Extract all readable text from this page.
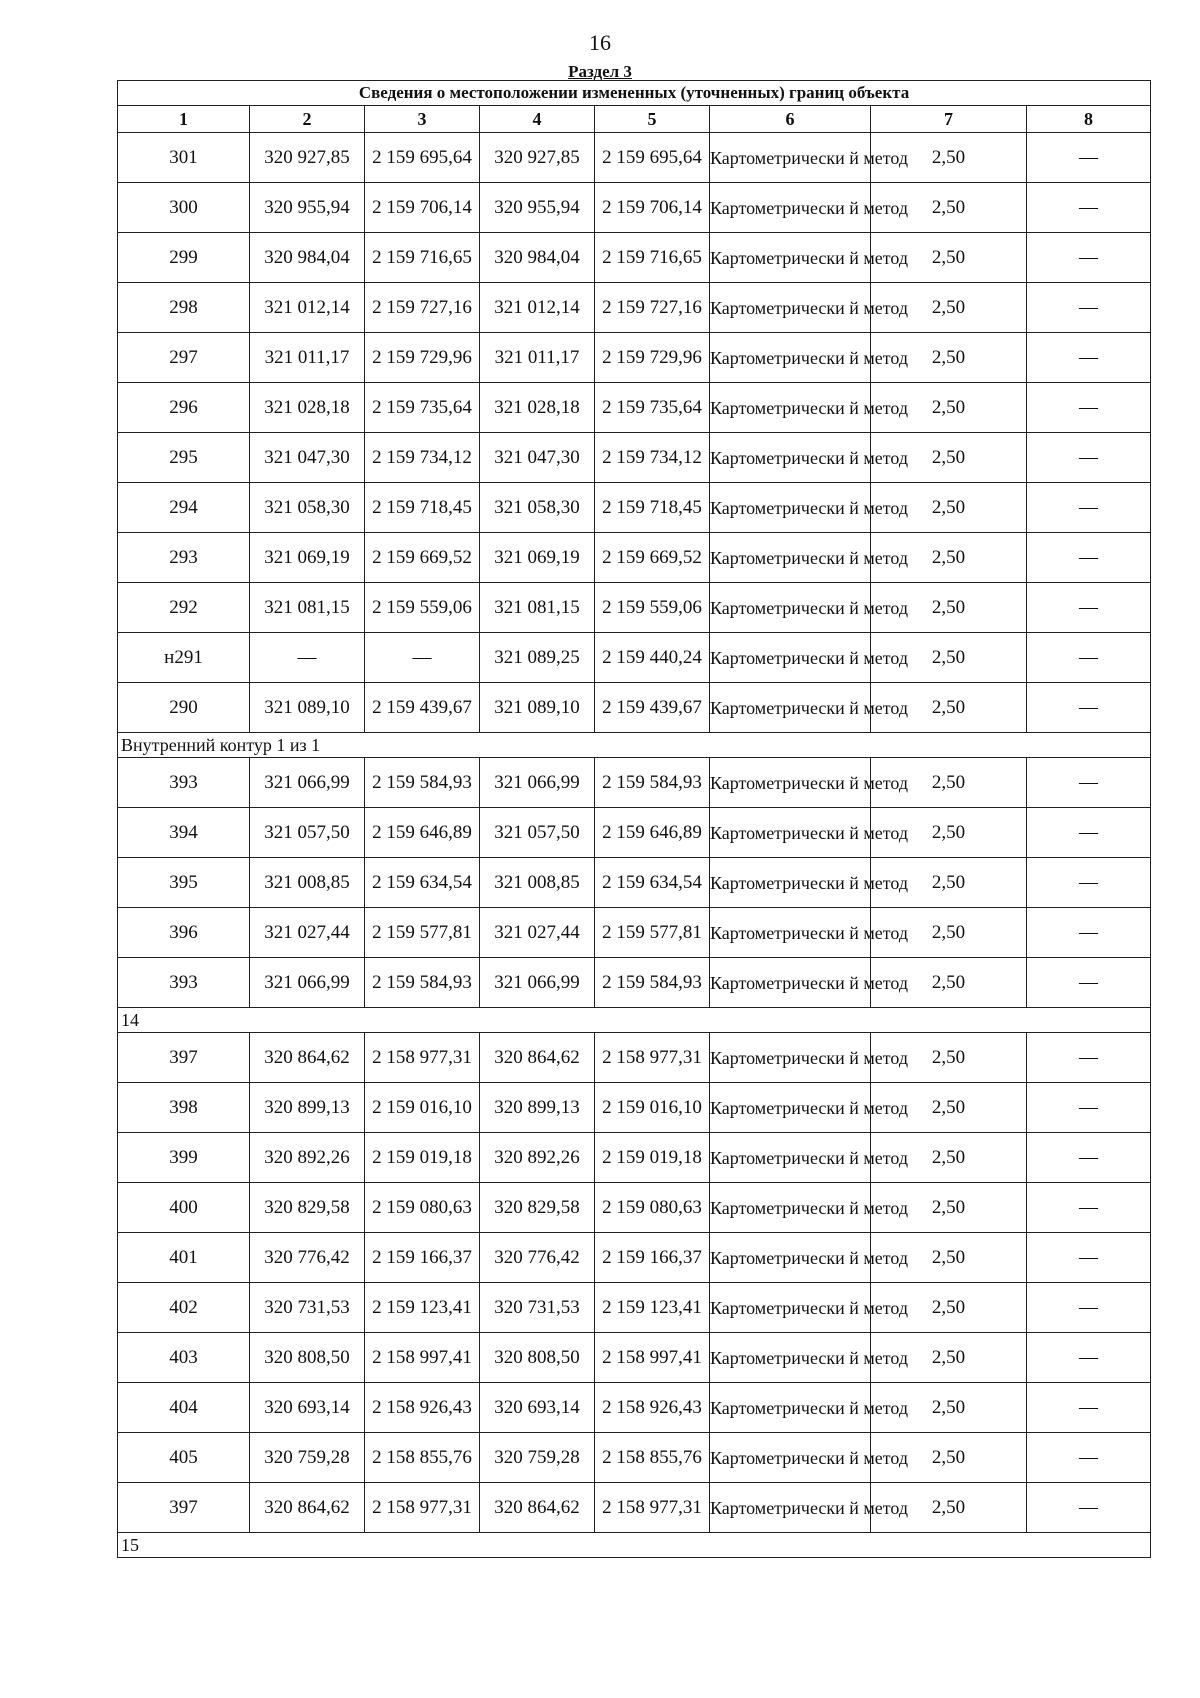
16
Раздел 3
Сведения о местоположении измененных (уточненных) границ объекта							
1	2	3	4	5	6	7	8
301	320 927,85	2 159 695,64	320 927,85	2 159 695,64	Картометрически й метод	2,50	—
300	320 955,94	2 159 706,14	320 955,94	2 159 706,14	Картометрически й метод	2,50	—
299	320 984,04	2 159 716,65	320 984,04	2 159 716,65	Картометрически й метод	2,50	—
298	321 012,14	2 159 727,16	321 012,14	2 159 727,16	Картометрически й метод	2,50	—
297	321 011,17	2 159 729,96	321 011,17	2 159 729,96	Картометрически й метод	2,50	—
296	321 028,18	2 159 735,64	321 028,18	2 159 735,64	Картометрически й метод	2,50	—
295	321 047,30	2 159 734,12	321 047,30	2 159 734,12	Картометрически й метод	2,50	—
294	321 058,30	2 159 718,45	321 058,30	2 159 718,45	Картометрически й метод	2,50	—
293	321 069,19	2 159 669,52	321 069,19	2 159 669,52	Картометрически й метод	2,50	—
292	321 081,15	2 159 559,06	321 081,15	2 159 559,06	Картометрически й метод	2,50	—
н291	—	—	321 089,25	2 159 440,24	Картометрически й метод	2,50	—
290	321 089,10	2 159 439,67	321 089,10	2 159 439,67	Картометрически й метод	2,50	—
Внутренний контур 1 из 1							
393	321 066,99	2 159 584,93	321 066,99	2 159 584,93	Картометрически й метод	2,50	—
394	321 057,50	2 159 646,89	321 057,50	2 159 646,89	Картометрически й метод	2,50	—
395	321 008,85	2 159 634,54	321 008,85	2 159 634,54	Картометрически й метод	2,50	—
396	321 027,44	2 159 577,81	321 027,44	2 159 577,81	Картометрически й метод	2,50	—
393	321 066,99	2 159 584,93	321 066,99	2 159 584,93	Картометрически й метод	2,50	—
14							
397	320 864,62	2 158 977,31	320 864,62	2 158 977,31	Картометрически й метод	2,50	—
398	320 899,13	2 159 016,10	320 899,13	2 159 016,10	Картометрически й метод	2,50	—
399	320 892,26	2 159 019,18	320 892,26	2 159 019,18	Картометрически й метод	2,50	—
400	320 829,58	2 159 080,63	320 829,58	2 159 080,63	Картометрически й метод	2,50	—
401	320 776,42	2 159 166,37	320 776,42	2 159 166,37	Картометрически й метод	2,50	—
402	320 731,53	2 159 123,41	320 731,53	2 159 123,41	Картометрически й метод	2,50	—
403	320 808,50	2 158 997,41	320 808,50	2 158 997,41	Картометрически й метод	2,50	—
404	320 693,14	2 158 926,43	320 693,14	2 158 926,43	Картометрически й метод	2,50	—
405	320 759,28	2 158 855,76	320 759,28	2 158 855,76	Картометрически й метод	2,50	—
397	320 864,62	2 158 977,31	320 864,62	2 158 977,31	Картометрически й метод	2,50	—
15							
